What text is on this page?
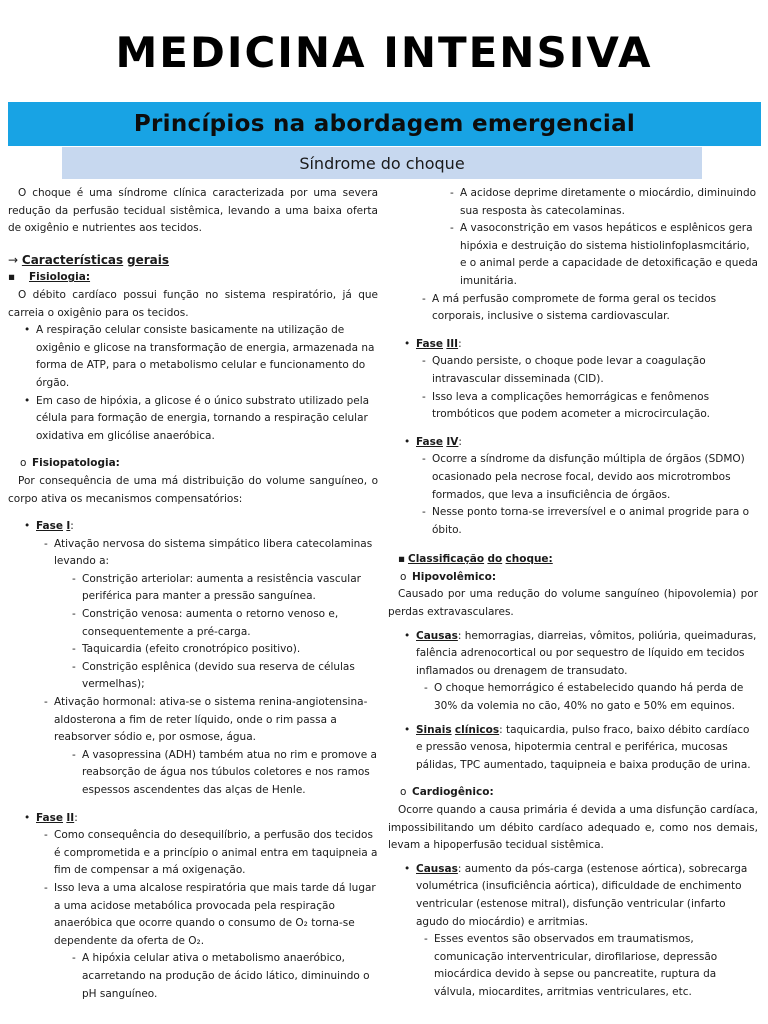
MEDICINA INTENSIVA
Princípios na abordagem emergencial
Síndrome do choque

O choque é uma síndrome clínica caracterizada por uma severa redução da perfusão tecidual sistêmica, levando a uma baixa oferta de oxigênio e nutrientes aos tecidos.

→ Características gerais

▪	Fisiologia:

O débito cardíaco possui função no sistema respiratório, já que carreia o oxigênio para os tecidos.

• A respiração celular consiste basicamente na utilização de oxigênio e glicose na transformação de energia, armazenada na forma de ATP, para o metabolismo celular e funcionamento do órgão.
• Em caso de hipóxia, a glicose é o único substrato utilizado pela célula para formação de energia, tornando a respiração celular oxidativa em glicólise anaeróbica.
o Fisiopatologia:

Por consequência de uma má distribuição do volume sanguíneo, o corpo ativa os mecanismos compensatórios:

• Fase I:
- Ativação nervosa do sistema simpático libera catecolaminas levando a:
- Constrição arteriolar: aumenta a resistência vascular periférica para manter a pressão sanguínea.
- Constrição venosa: aumenta o retorno venoso e, consequentemente a pré-carga.
- Taquicardia (efeito cronotrópico positivo).
- Constrição esplênica (devido sua reserva de células vermelhas);
- Ativação hormonal: ativa-se o sistema renina-angiotensina-aldosterona a fim de reter líquido, onde o rim passa a reabsorver sódio e, por osmose, água.
- A vasopressina (ADH) também atua no rim e promove a reabsorção de água nos túbulos coletores e nos ramos espessos ascendentes das alças de Henle.
• Fase II:
- Como consequência do desequilíbrio, a perfusão dos tecidos é comprometida e a princípio o animal entra em taquipneia a fim de compensar a má oxigenação.
- Isso leva a uma alcalose respiratória que mais tarde dá lugar a uma acidose metabólica provocada pela respiração anaeróbica que ocorre quando o consumo de O₂ torna-se dependente da oferta de O₂.
- A hipóxia celular ativa o metabolismo anaeróbico, acarretando na produção de ácido lático, diminuindo o pH sanguíneo.
- A acidose deprime diretamente o miocárdio, diminuindo sua resposta às catecolaminas.
- A vasoconstrição em vasos hepáticos e esplênicos gera hipóxia e destruição do sistema histiolinfoplasmcitário, e o animal perde a capacidade de detoxificação e queda imunitária.
- A má perfusão compromete de forma geral os tecidos corporais, inclusive o sistema cardiovascular.
• Fase III:
- Quando persiste, o choque pode levar a coagulação intravascular disseminada (CID).
- Isso leva a complicações hemorrágicas e fenômenos trombóticos que podem acometer a microcirculação.
• Fase IV:
- Ocorre a síndrome da disfunção múltipla de órgãos (SDMO) ocasionado pela necrose focal, devido aos microtrombos formados, que leva a insuficiência de órgãos.
- Nesse ponto torna-se irreversível e o animal progride para o óbito.
▪ Classificação do choque:
o Hipovolêmico:

Causado por uma redução do volume sanguíneo (hipovolemia) por perdas extravasculares.

• Causas: hemorragias, diarreias, vômitos, poliúria, queimaduras, falência adrenocortical ou por sequestro de líquido em tecidos inflamados ou drenagem de transudato.
- O choque hemorrágico é estabelecido quando há perda de 30% da volemia no cão, 40% no gato e 50% em equinos.
• Sinais clínicos: taquicardia, pulso fraco, baixo débito cardíaco e pressão venosa, hipotermia central e periférica, mucosas pálidas, TPC aumentado, taquipneia e baixa produção de urina.
o Cardiogênico:

Ocorre quando a causa primária é devida a uma disfunção cardíaca, impossibilitando um débito cardíaco adequado e, como nos demais, levam a hipoperfusão tecidual sistêmica.

• Causas: aumento da pós-carga (estenose aórtica), sobrecarga volumétrica (insuficiência aórtica), dificuldade de enchimento ventricular (estenose mitral), disfunção ventricular (infarto agudo do miocárdio) e arritmias.
- Esses eventos são observados em traumatismos, comunicação interventricular, dirofilariose, depressão miocárdica devido à sepse ou pancreatite, ruptura da válvula, miocardites, arritmias ventriculares, etc.
